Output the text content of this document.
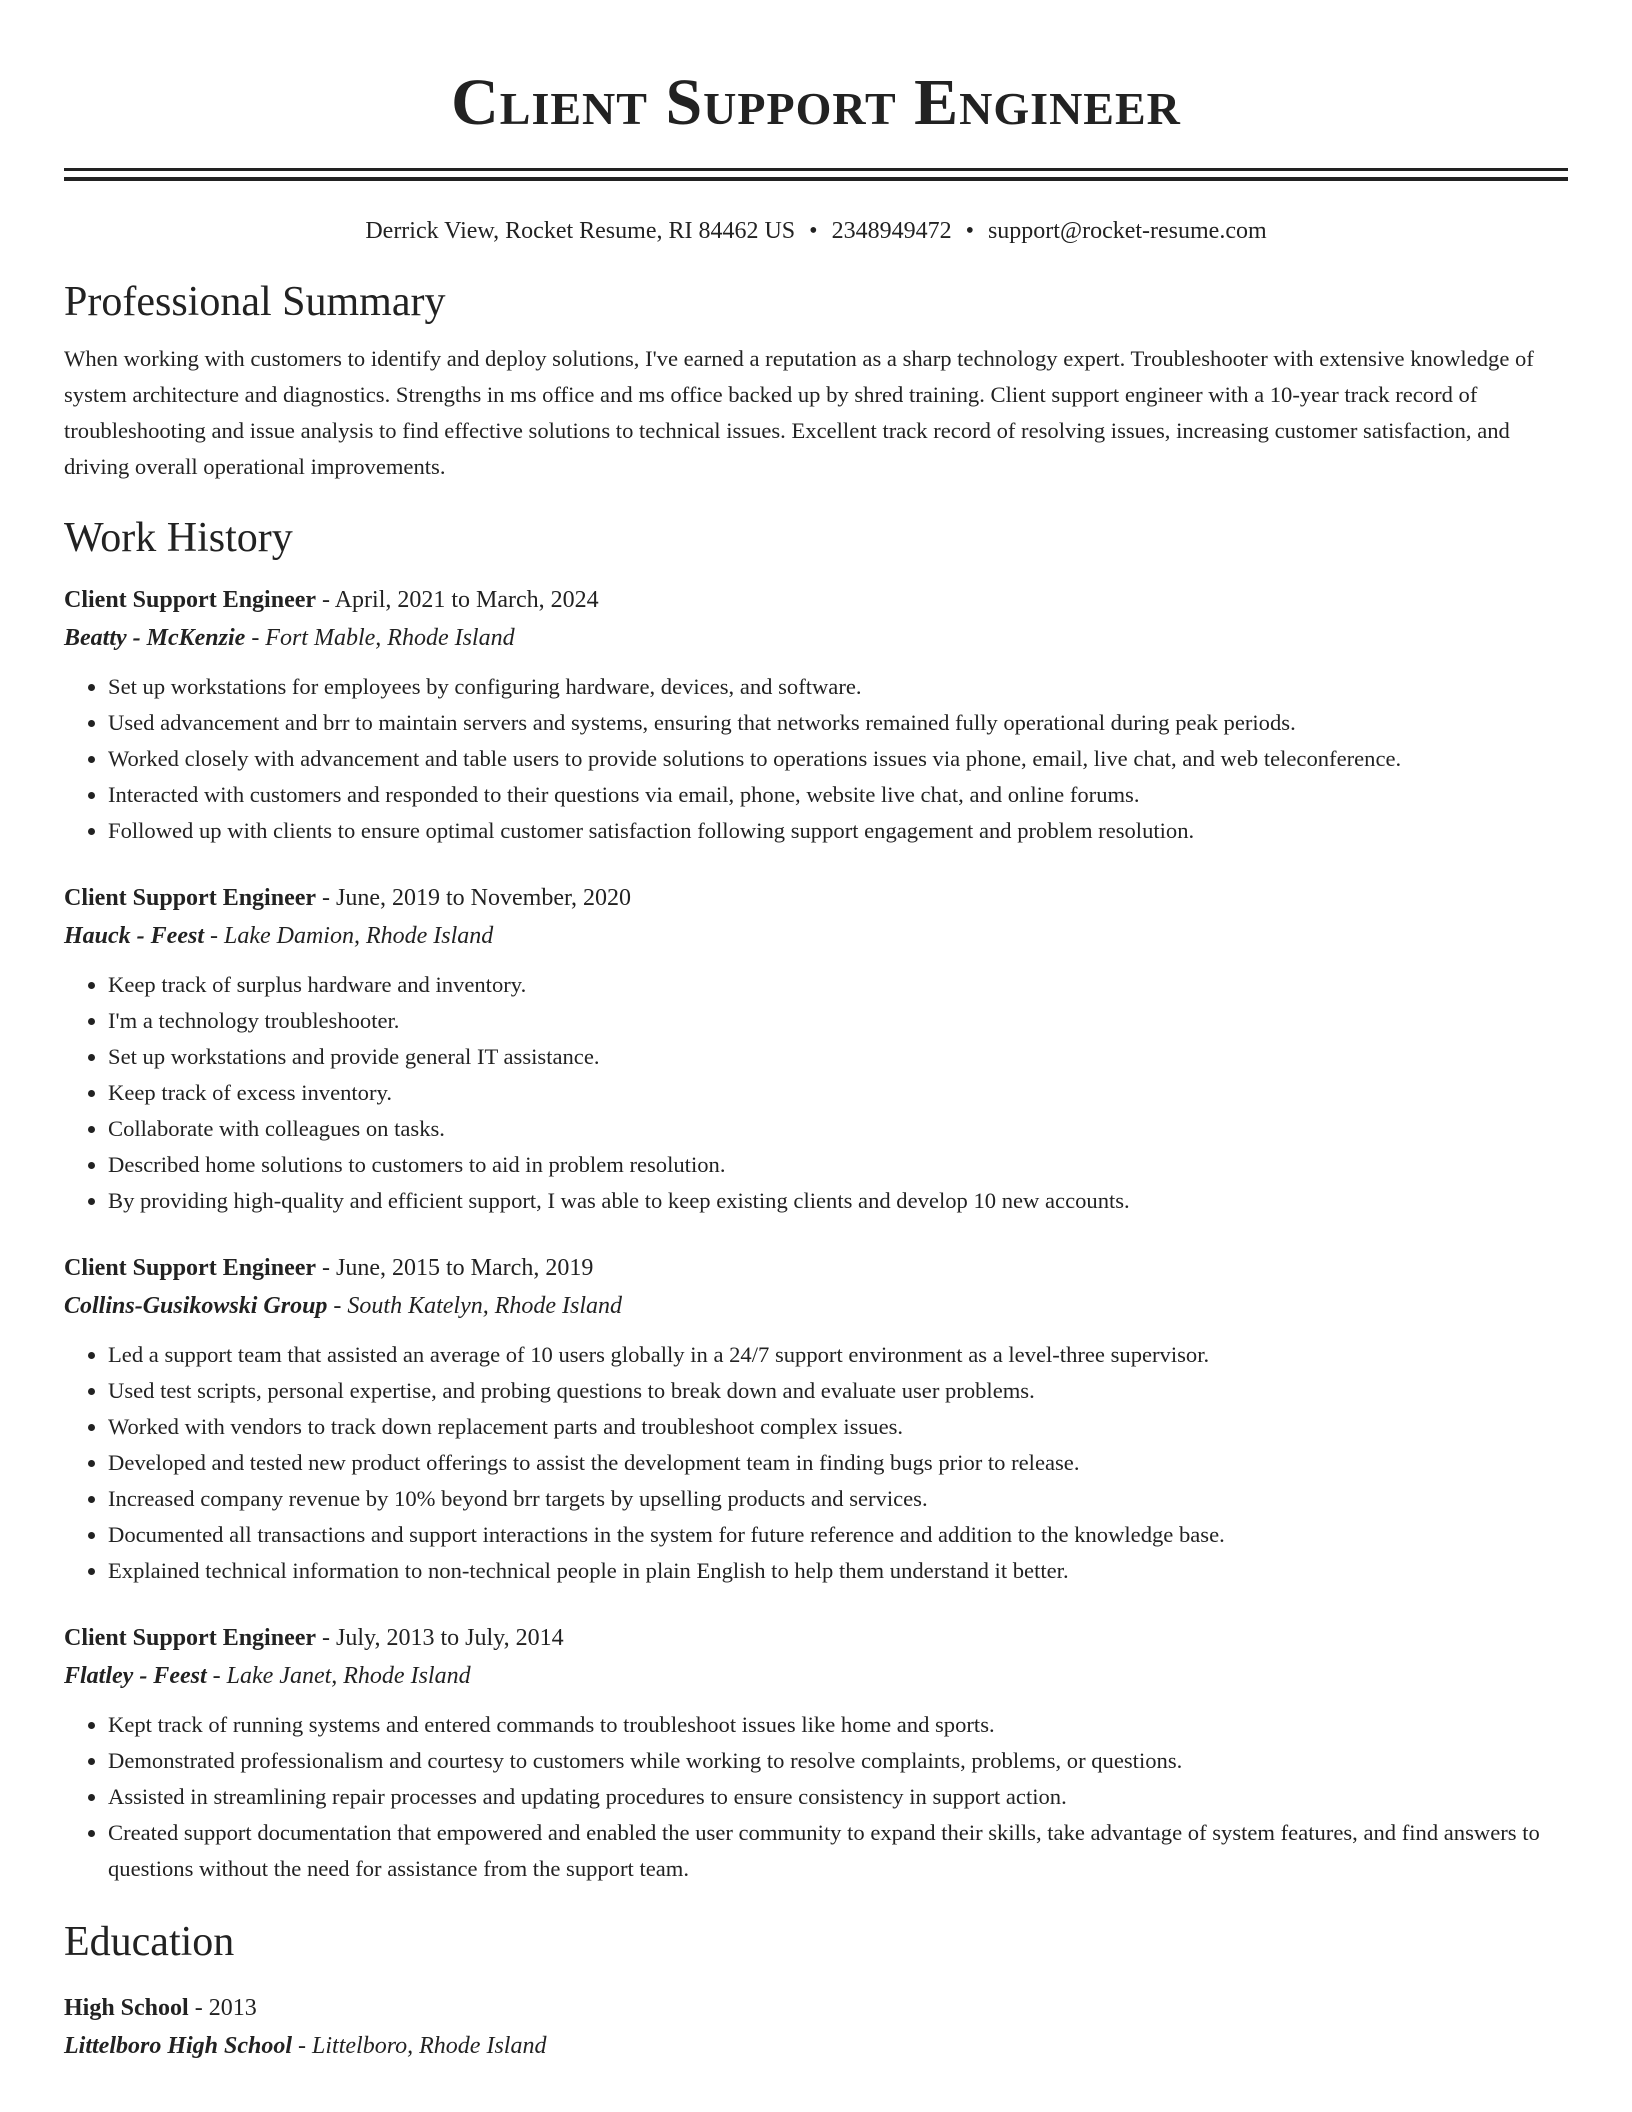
Client Support Engineer
Derrick View, Rocket Resume, RI 84462 US • 2348949472 • support@rocket-resume.com
Professional Summary

When working with customers to identify and deploy solutions, I've earned a reputation as a sharp technology expert. Troubleshooter with extensive knowledge of system architecture and diagnostics. Strengths in ms office and ms office backed up by shred training. Client support engineer with a 10-year track record of troubleshooting and issue analysis to find effective solutions to technical issues. Excellent track record of resolving issues, increasing customer satisfaction, and driving overall operational improvements.

Work History
Client Support Engineer - April, 2021 to March, 2024
Beatty - McKenzie - Fort Mable, Rhode Island
• Set up workstations for employees by configuring hardware, devices, and software.
• Used advancement and brr to maintain servers and systems, ensuring that networks remained fully operational during peak periods.
• Worked closely with advancement and table users to provide solutions to operations issues via phone, email, live chat, and web teleconference.
• Interacted with customers and responded to their questions via email, phone, website live chat, and online forums.
• Followed up with clients to ensure optimal customer satisfaction following support engagement and problem resolution.
Client Support Engineer - June, 2019 to November, 2020
Hauck - Feest - Lake Damion, Rhode Island
• Keep track of surplus hardware and inventory.
• I'm a technology troubleshooter.
• Set up workstations and provide general IT assistance.
• Keep track of excess inventory.
• Collaborate with colleagues on tasks.
• Described home solutions to customers to aid in problem resolution.
• By providing high-quality and efficient support, I was able to keep existing clients and develop 10 new accounts.
Client Support Engineer - June, 2015 to March, 2019
Collins-Gusikowski Group - South Katelyn, Rhode Island
• Led a support team that assisted an average of 10 users globally in a 24/7 support environment as a level-three supervisor.
• Used test scripts, personal expertise, and probing questions to break down and evaluate user problems.
• Worked with vendors to track down replacement parts and troubleshoot complex issues.
• Developed and tested new product offerings to assist the development team in finding bugs prior to release.
• Increased company revenue by 10% beyond brr targets by upselling products and services.
• Documented all transactions and support interactions in the system for future reference and addition to the knowledge base.
• Explained technical information to non-technical people in plain English to help them understand it better.
Client Support Engineer - July, 2013 to July, 2014
Flatley - Feest - Lake Janet, Rhode Island
• Kept track of running systems and entered commands to troubleshoot issues like home and sports.
• Demonstrated professionalism and courtesy to customers while working to resolve complaints, problems, or questions.
• Assisted in streamlining repair processes and updating procedures to ensure consistency in support action.
• Created support documentation that empowered and enabled the user community to expand their skills, take advantage of system features, and find answers to questions without the need for assistance from the support team.
Education
High School - 2013
Littelboro High School - Littelboro, Rhode Island
